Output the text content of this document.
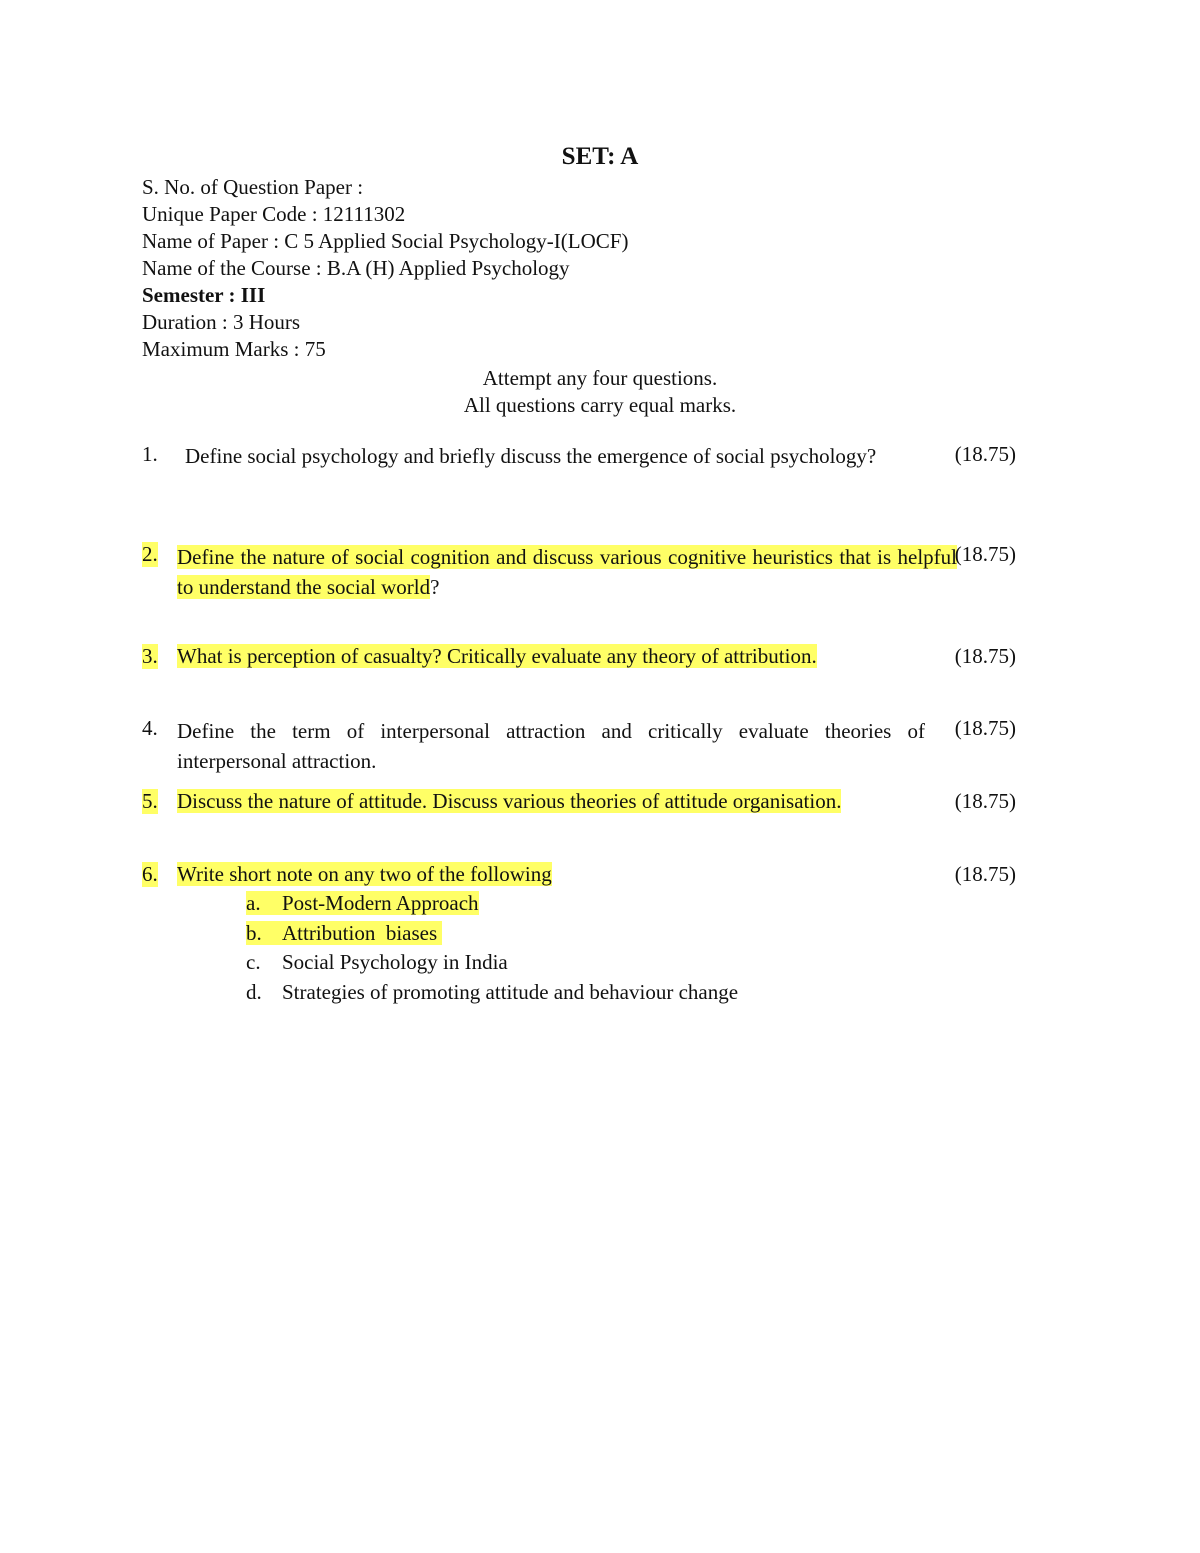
SET: A
S. No. of Question Paper :
Unique Paper Code : 12111302
Name of Paper : C 5 Applied Social Psychology-I(LOCF)
Name of the Course : B.A (H) Applied Psychology
Semester : III
Duration : 3 Hours
Maximum Marks : 75
Attempt any four questions.
All questions carry equal marks.
1. Define social psychology and briefly discuss the emergence of social psychology?	(18.75)
2. Define the nature of social cognition and discuss various cognitive heuristics that is helpful to understand the social world?
(18.75)
3. What is perception of casualty? Critically evaluate any theory of attribution.	(18.75)
4. Define the term of interpersonal attraction and critically evaluate theories of interpersonal attraction.
(18.75)
5. Discuss the nature of attitude. Discuss various theories of attitude organisation.	(18.75)
6. Write short note on any two of the following	(18.75)
a. Post-Modern Approach
b. Attribution  biases
c. Social Psychology in India
d. Strategies of promoting attitude and behaviour change
